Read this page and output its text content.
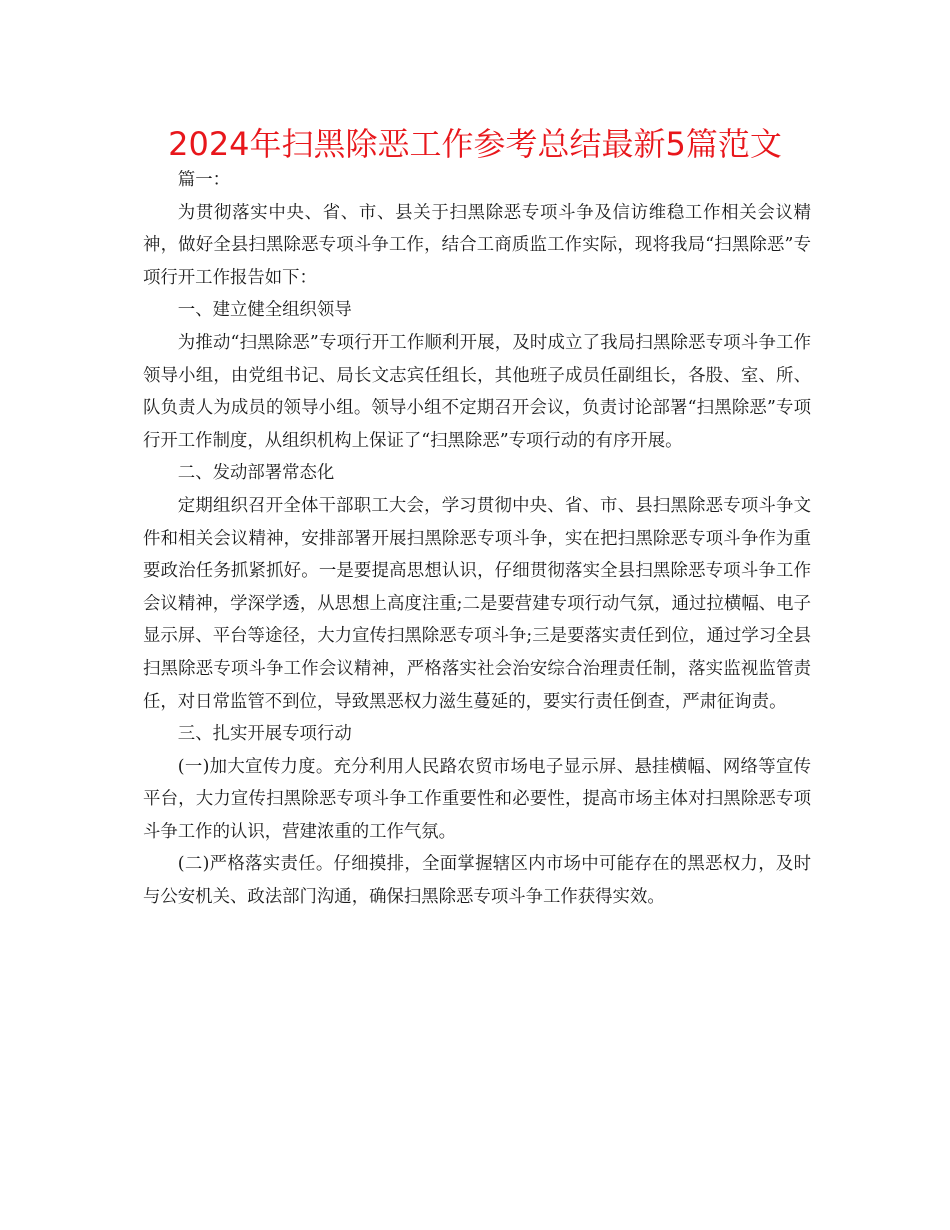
2024年扫黑除恶工作参考总结最新5篇范文

篇一：

为贯彻落实中央、省、市、县关于扫黑除恶专项斗争及信访维稳工作相关会议精神，做好全县扫黑除恶专项斗争工作，结合工商质监工作实际，现将我局“扫黑除恶”专项行开工作报告如下：

一、建立健全组织领导

为推动“扫黑除恶”专项行开工作顺利开展，及时成立了我局扫黑除恶专项斗争工作领导小组，由党组书记、局长文志宾任组长，其他班子成员任副组长，各股、室、所、队负责人为成员的领导小组。领导小组不定期召开会议，负责讨论部署“扫黑除恶”专项行开工作制度，从组织机构上保证了“扫黑除恶”专项行动的有序开展。

二、发动部署常态化

定期组织召开全体干部职工大会，学习贯彻中央、省、市、县扫黑除恶专项斗争文件和相关会议精神，安排部署开展扫黑除恶专项斗争，实在把扫黑除恶专项斗争作为重要政治任务抓紧抓好。一是要提高思想认识，仔细贯彻落实全县扫黑除恶专项斗争工作会议精神，学深学透，从思想上高度注重;二是要营建专项行动气氛，通过拉横幅、电子显示屏、平台等途径，大力宣传扫黑除恶专项斗争;三是要落实责任到位，通过学习全县扫黑除恶专项斗争工作会议精神，严格落实社会治安综合治理责任制，落实监视监管责任，对日常监管不到位，导致黑恶权力滋生蔓延的，要实行责任倒查，严肃征询责。

三、扎实开展专项行动

(一)加大宣传力度。充分利用人民路农贸市场电子显示屏、悬挂横幅、网络等宣传平台，大力宣传扫黑除恶专项斗争工作重要性和必要性，提高市场主体对扫黑除恶专项斗争工作的认识，营建浓重的工作气氛。

(二)严格落实责任。仔细摸排，全面掌握辖区内市场中可能存在的黑恶权力，及时与公安机关、政法部门沟通，确保扫黑除恶专项斗争工作获得实效。
